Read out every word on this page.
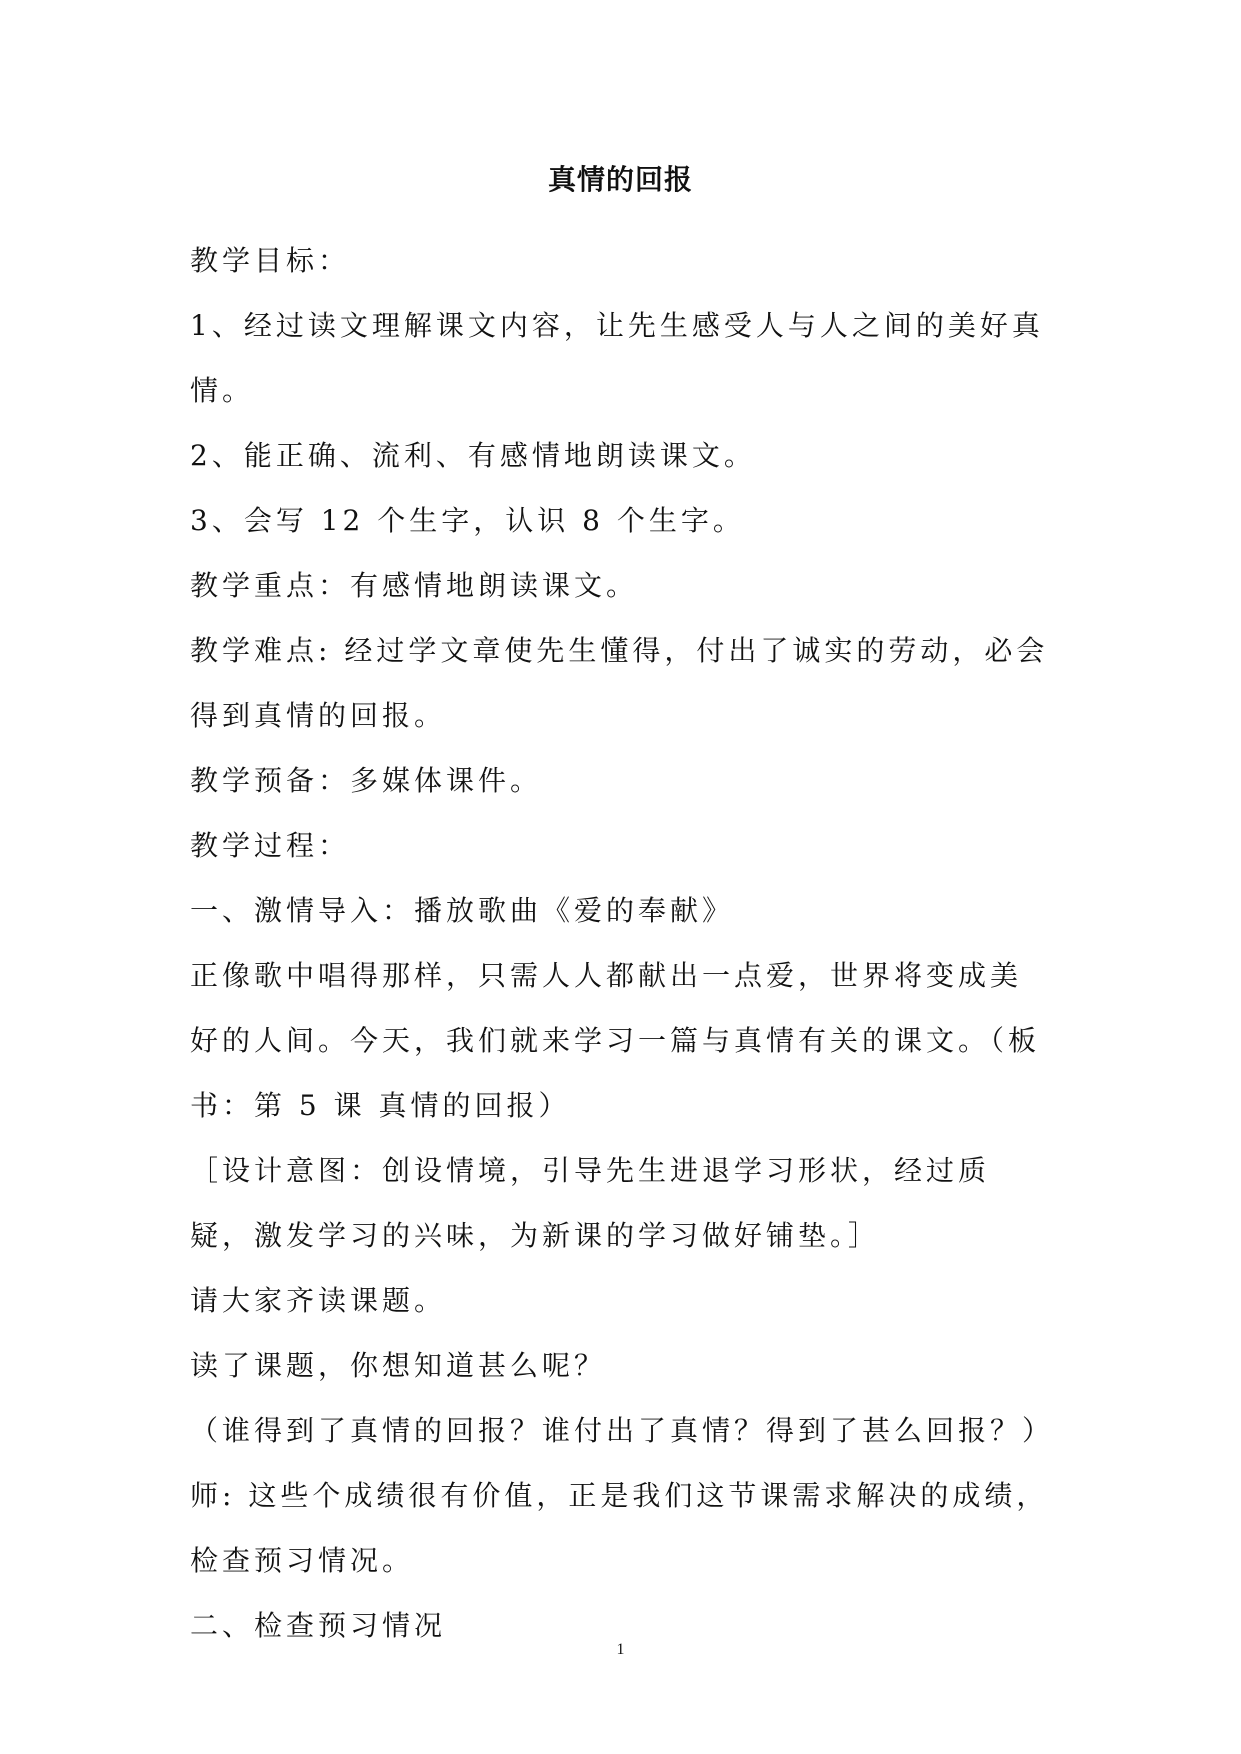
真情的回报

教学目标：

1、经过读文理解课文内容，让先生感受人与人之间的美好真情。

2、能正确、流利、有感情地朗读课文。

3、会写 12 个生字，认识 8 个生字。

教学重点：有感情地朗读课文。

教学难点: 经过学文章使先生懂得，付出了诚实的劳动，必会得到真情的回报。

教学预备：多媒体课件。

教学过程：

一、激情导入：播放歌曲《爱的奉献》

正像歌中唱得那样，只需人人都献出一点爱，世界将变成美好的人间。今天，我们就来学习一篇与真情有关的课文。（板书：第 5 课 真情的回报）

［设计意图：创设情境，引导先生进退学习形状，经过质疑，激发学习的兴味，为新课的学习做好铺垫。］

请大家齐读课题。

读了课题，你想知道甚么呢？

（谁得到了真情的回报？谁付出了真情？得到了甚么回报？）

师: 这些个成绩很有价值，正是我们这节课需求解决的成绩，检查预习情况。

二、检查预习情况

1
